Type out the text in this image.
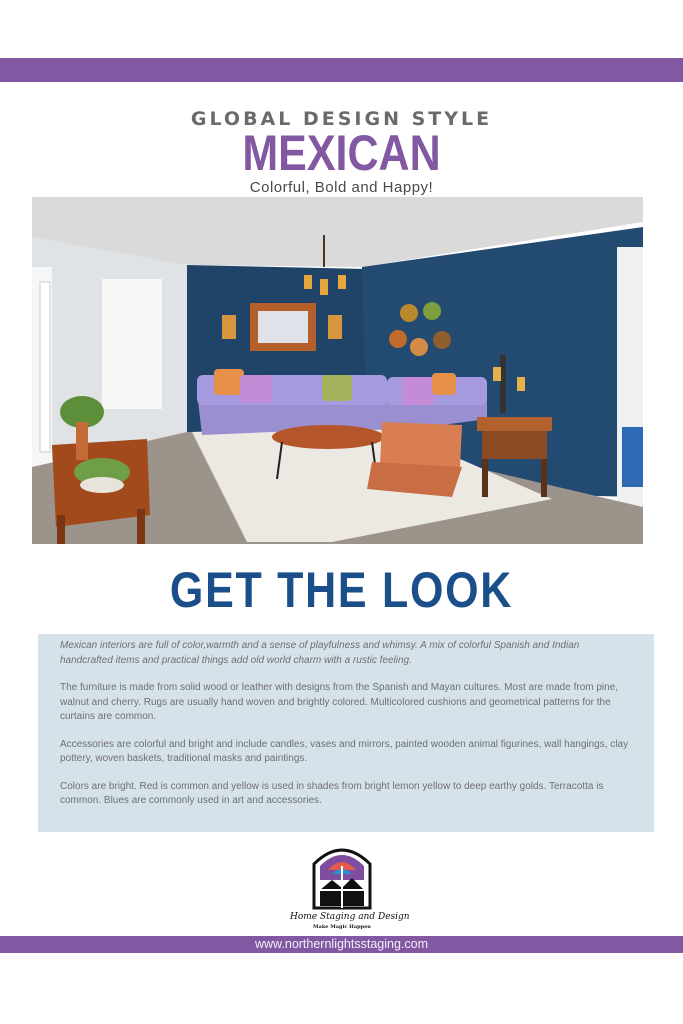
GLOBAL DESIGN STYLE
MEXICAN
Colorful, Bold and Happy!
GET THE LOOK

Mexican interiors are full of color,warmth and a sense of playfulness and whimsy. A mix of colorful Spanish and Indian handcrafted items and practical things add old world charm with a rustic feeling.

The furniture is made from solid wood or leather with designs from the Spanish and Mayan cultures. Most are made from pine, walnut and cherry. Rugs are usually hand woven and brightly colored. Multicolored cushions and geometrical patterns for the curtains are common.

Accessories are colorful and bright and include candles, vases and mirrors, painted wooden animal figurines, wall hangings, clay pottery, woven baskets, traditional masks and paintings.

Colors are bright. Red is common and yellow is used in shades from bright lemon yellow to deep earthy golds. Terracotta is common. Blues are commonly used in art and accessories.

Home Staging and Design
Make Magic Happen
www.northernlightsstaging.com
